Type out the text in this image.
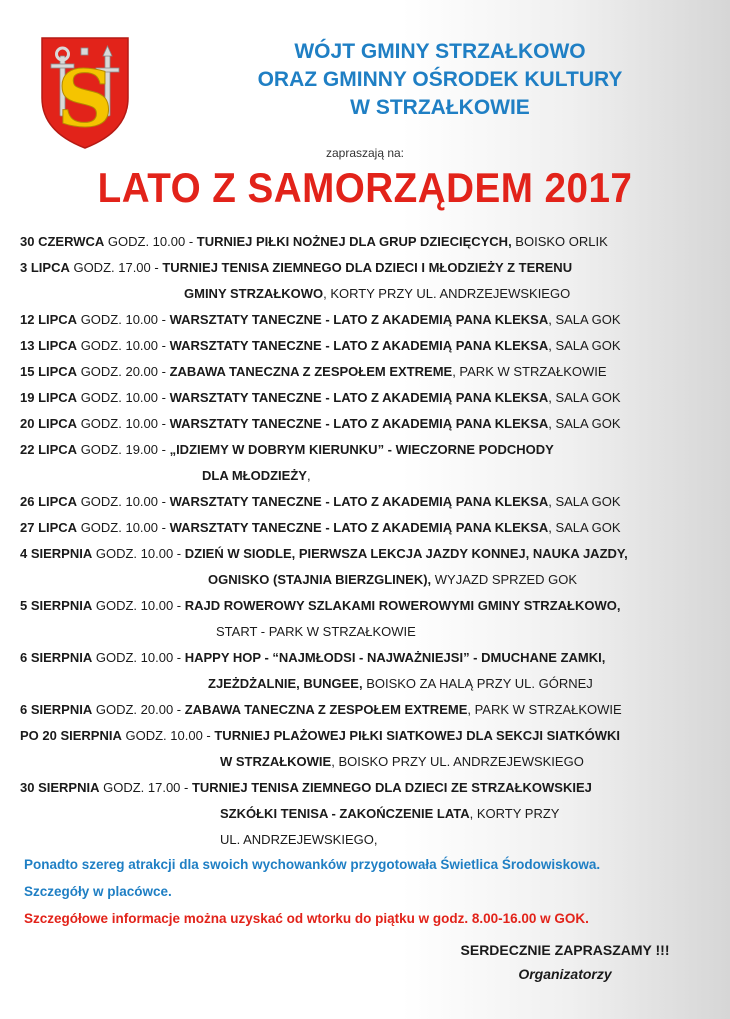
S
WÓJT GMINY STRZAŁKOWO
ORAZ GMINNY OŚRODEK KULTURY
W STRZAŁKOWIE
zapraszają na:
LATO Z SAMORZĄDEM 2017
30 CZERWCA GODZ. 10.00 - TURNIEJ PIŁKI NOŻNEJ DLA GRUP DZIECIĘCYCH, BOISKO ORLIK
3 LIPCA GODZ. 17.00 - TURNIEJ TENISA ZIEMNEGO DLA DZIECI I MŁODZIEŻY Z TERENU
GMINY STRZAŁKOWO, KORTY PRZY UL. ANDRZEJEWSKIEGO
12 LIPCA GODZ. 10.00 - WARSZTATY TANECZNE - LATO Z AKADEMIĄ PANA KLEKSA, SALA GOK
13 LIPCA GODZ. 10.00 - WARSZTATY TANECZNE - LATO Z AKADEMIĄ PANA KLEKSA, SALA GOK
15 LIPCA GODZ. 20.00 - ZABAWA TANECZNA Z ZESPOŁEM EXTREME, PARK W STRZAŁKOWIE
19 LIPCA GODZ. 10.00 - WARSZTATY TANECZNE - LATO Z AKADEMIĄ PANA KLEKSA, SALA GOK
20 LIPCA GODZ. 10.00 - WARSZTATY TANECZNE - LATO Z AKADEMIĄ PANA KLEKSA, SALA GOK
22 LIPCA GODZ. 19.00 - „IDZIEMY W DOBRYM KIERUNKU” - WIECZORNE PODCHODY
DLA MŁODZIEŻY,
26 LIPCA GODZ. 10.00 - WARSZTATY TANECZNE - LATO Z AKADEMIĄ PANA KLEKSA, SALA GOK
27 LIPCA GODZ. 10.00 - WARSZTATY TANECZNE - LATO Z AKADEMIĄ PANA KLEKSA, SALA GOK
4 SIERPNIA GODZ. 10.00 - DZIEŃ W SIODLE, PIERWSZA LEKCJA JAZDY KONNEJ, NAUKA JAZDY,
OGNISKO (STAJNIA BIERZGLINEK), WYJAZD SPRZED GOK
5 SIERPNIA GODZ. 10.00 - RAJD ROWEROWY SZLAKAMI ROWEROWYMI GMINY STRZAŁKOWO,
START - PARK W STRZAŁKOWIE
6 SIERPNIA GODZ. 10.00 - HAPPY HOP - “NAJMŁODSI - NAJWAŻNIEJSI” - DMUCHANE ZAMKI,
ZJEŻDŻALNIE, BUNGEE, BOISKO ZA HALĄ PRZY UL. GÓRNEJ
6 SIERPNIA GODZ. 20.00 - ZABAWA TANECZNA Z ZESPOŁEM EXTREME, PARK W STRZAŁKOWIE
PO 20 SIERPNIA GODZ. 10.00 - TURNIEJ PLAŻOWEJ PIŁKI SIATKOWEJ DLA SEKCJI SIATKÓWKI
W STRZAŁKOWIE, BOISKO PRZY UL. ANDRZEJEWSKIEGO
30 SIERPNIA GODZ. 17.00 - TURNIEJ TENISA ZIEMNEGO DLA DZIECI ZE STRZAŁKOWSKIEJ
SZKÓŁKI TENISA - ZAKOŃCZENIE LATA, KORTY PRZY
UL. ANDRZEJEWSKIEGO,
Ponadto szereg atrakcji dla swoich wychowanków przygotowała Świetlica Środowiskowa.
Szczegóły w placówce.
Szczegółowe informacje można uzyskać od wtorku do piątku w godz. 8.00-16.00 w GOK.
SERDECZNIE ZAPRASZAMY !!!
Organizatorzy
